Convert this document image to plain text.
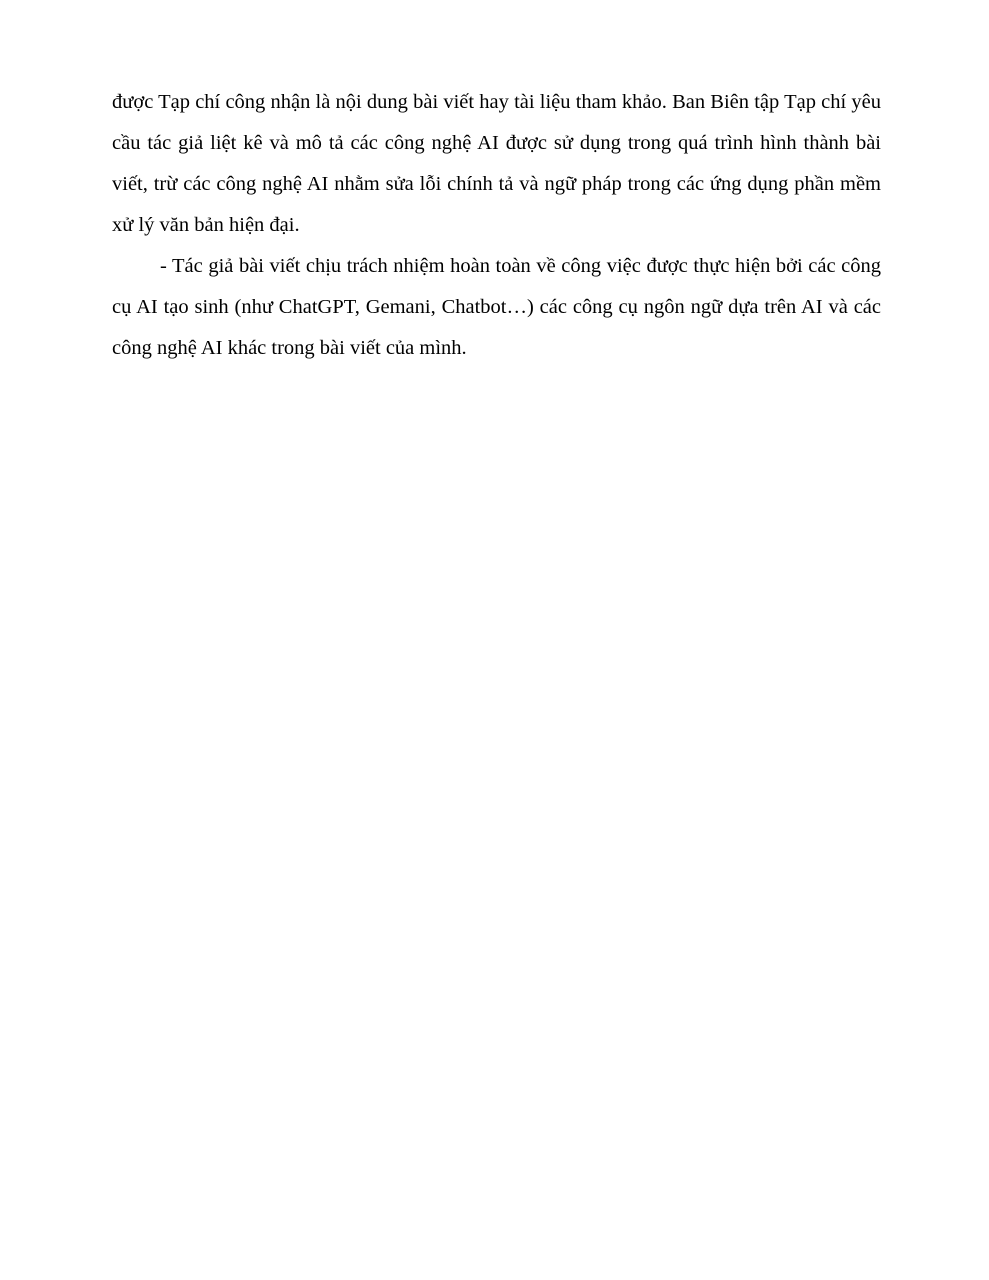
được Tạp chí công nhận là nội dung bài viết hay tài liệu tham khảo. Ban Biên tập Tạp chí yêu cầu tác giả liệt kê và mô tả các công nghệ AI được sử dụng trong quá trình hình thành bài viết, trừ các công nghệ AI nhằm sửa lỗi chính tả và ngữ pháp trong các ứng dụng phần mềm xử lý văn bản hiện đại.

- Tác giả bài viết chịu trách nhiệm hoàn toàn về công việc được thực hiện bởi các công cụ AI tạo sinh (như ChatGPT, Gemani, Chatbot…) các công cụ ngôn ngữ dựa trên AI và các công nghệ AI khác trong bài viết của mình.
